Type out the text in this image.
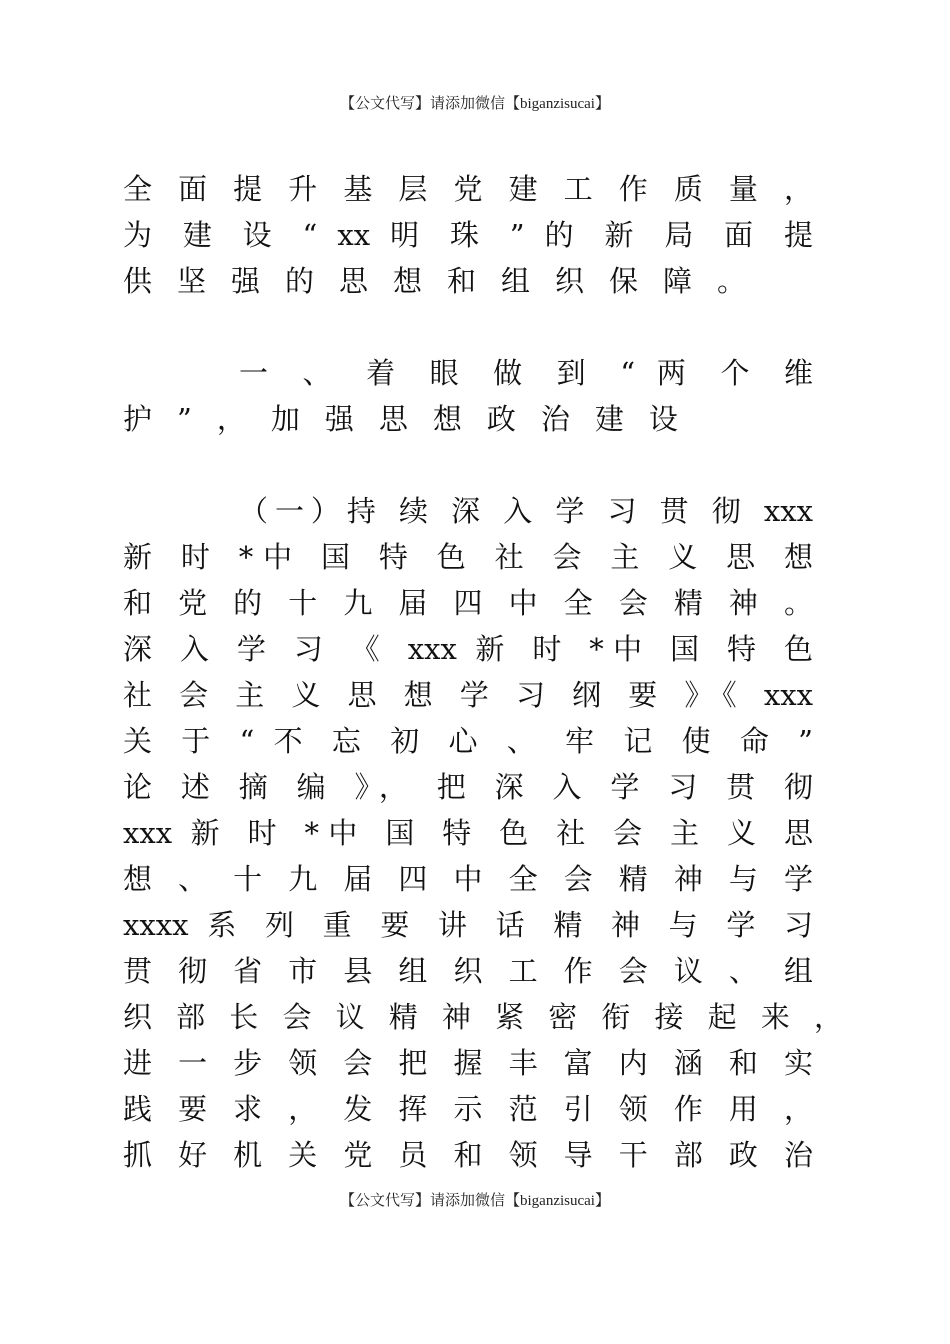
【公文代写】请添加微信【biganzisucai】
全 面 提 升 基 层 党 建 工 作 质 量 ，
为 建 设 “ xx 明 珠 ” 的 新 局 面 提
供坚强的思想和组织保障。
一 、 着 眼 做 到 “ 两 个 维
护”，加强思想政治建设
（一）持 续 深 入 学 习 贯 彻 xxx
新 时 *中 国 特 色 社 会 主 义 思 想
和 党 的 十 九 届 四 中 全 会 精 神 。
深 入 学 习 《 xxx 新 时 *中 国 特 色
社 会 主 义 思 想 学 习 纲 要 》《 xxx
关 于 “ 不 忘 初 心 、 牢 记 使 命 ”
论 述 摘 编 》， 把 深 入 学 习 贯 彻
xxx 新 时 *中 国 特 色 社 会 主 义 思
想 、 十 九 届 四 中 全 会 精 神 与 学
xxxx 系 列 重 要 讲 话 精 神 与 学 习
贯 彻 省 市 县 组 织 工 作 会 议 、 组
织 部 长 会 议 精 神 紧 密 衔 接 起 来 ，
进 一 步 领 会 把 握 丰 富 内 涵 和 实
践 要 求 ， 发 挥 示 范 引 领 作 用 ，
抓 好 机 关 党 员 和 领 导 干 部 政 治
【公文代写】请添加微信【biganzisucai】
